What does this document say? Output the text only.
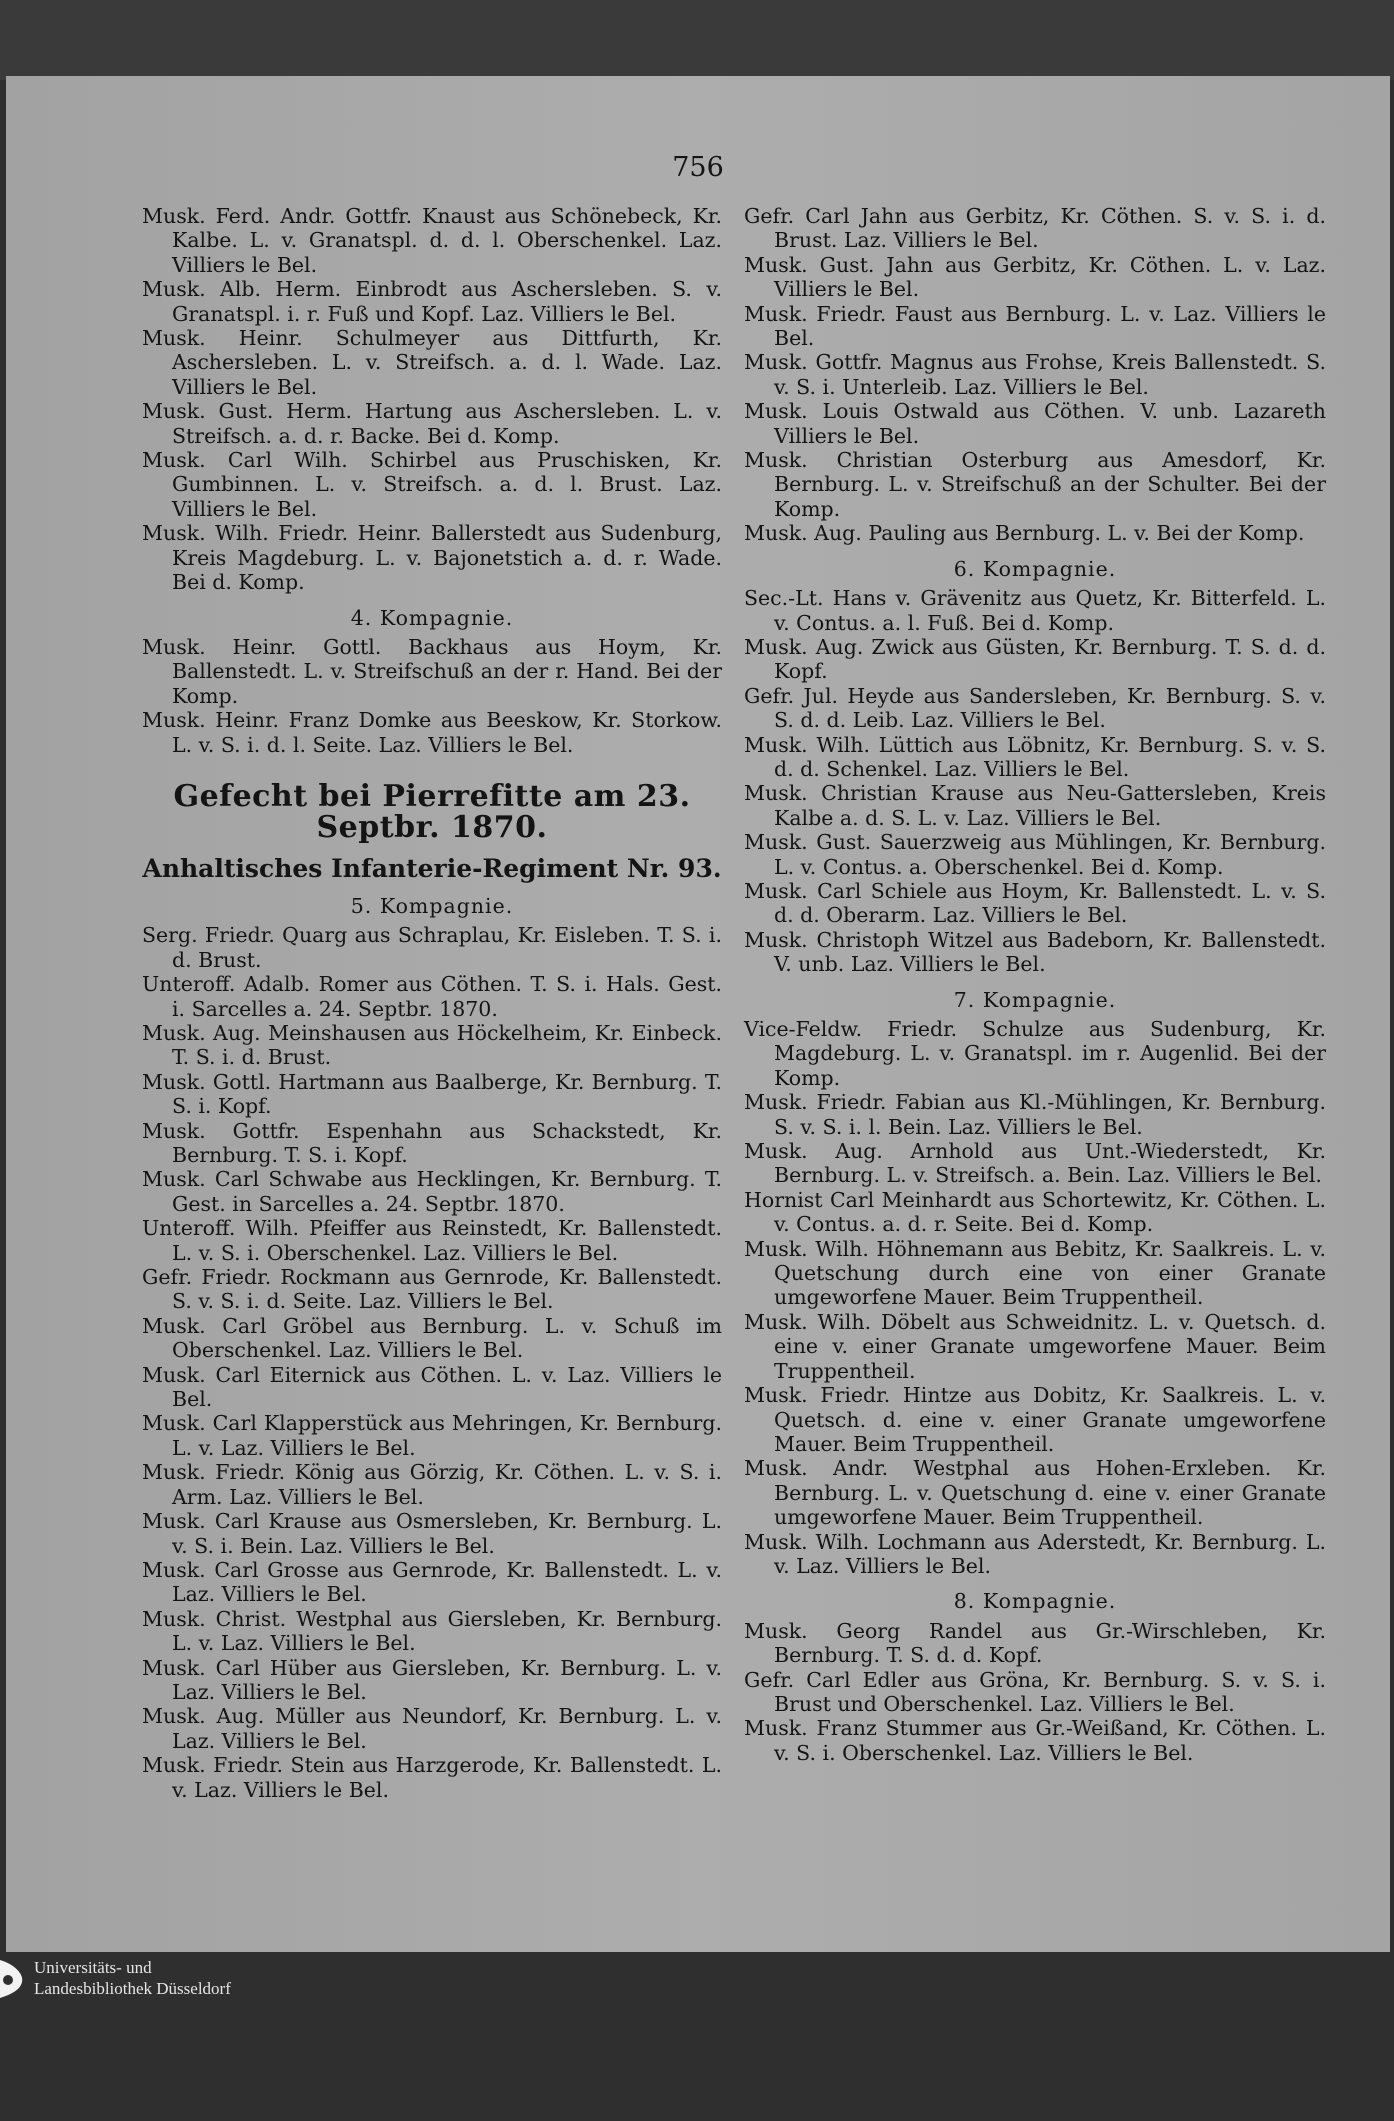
756
Musk. Ferd. Andr. Gottfr. Knaust aus Schönebeck, Kr. Kalbe. L. v. Granatspl. d. d. l. Oberschenkel. Laz. Villiers le Bel.
Musk. Alb. Herm. Einbrodt aus Aschersleben. S. v. Granatspl. i. r. Fuß und Kopf. Laz. Villiers le Bel.
Musk. Heinr. Schulmeyer aus Dittfurth, Kr. Aschersleben. L. v. Streifsch. a. d. l. Wade. Laz. Villiers le Bel.
Musk. Gust. Herm. Hartung aus Aschersleben. L. v. Streifsch. a. d. r. Backe. Bei d. Komp.
Musk. Carl Wilh. Schirbel aus Pruschisken, Kr. Gumbinnen. L. v. Streifsch. a. d. l. Brust. Laz. Villiers le Bel.
Musk. Wilh. Friedr. Heinr. Ballerstedt aus Sudenburg, Kreis Magdeburg. L. v. Bajonetstich a. d. r. Wade. Bei d. Komp.
4. Kompagnie.
Musk. Heinr. Gottl. Backhaus aus Hoym, Kr. Ballenstedt. L. v. Streifschuß an der r. Hand. Bei der Komp.
Musk. Heinr. Franz Domke aus Beeskow, Kr. Storkow. L. v. S. i. d. l. Seite. Laz. Villiers le Bel.
Gefecht bei Pierrefitte am 23. Septbr. 1870.
Anhaltisches Infanterie-Regiment Nr. 93.
5. Kompagnie.
Serg. Friedr. Quarg aus Schraplau, Kr. Eisleben. T. S. i. d. Brust.
Unteroff. Adalb. Romer aus Cöthen. T. S. i. Hals. Gest. i. Sarcelles a. 24. Septbr. 1870.
Musk. Aug. Meinshausen aus Höckelheim, Kr. Einbeck. T. S. i. d. Brust.
Musk. Gottl. Hartmann aus Baalberge, Kr. Bernburg. T. S. i. Kopf.
Musk. Gottfr. Espenhahn aus Schackstedt, Kr. Bernburg. T. S. i. Kopf.
Musk. Carl Schwabe aus Hecklingen, Kr. Bernburg. T. Gest. in Sarcelles a. 24. Septbr. 1870.
Unteroff. Wilh. Pfeiffer aus Reinstedt, Kr. Ballenstedt. L. v. S. i. Oberschenkel. Laz. Villiers le Bel.
Gefr. Friedr. Rockmann aus Gernrode, Kr. Ballenstedt. S. v. S. i. d. Seite. Laz. Villiers le Bel.
Musk. Carl Gröbel aus Bernburg. L. v. Schuß im Oberschenkel. Laz. Villiers le Bel.
Musk. Carl Eiternick aus Cöthen. L. v. Laz. Villiers le Bel.
Musk. Carl Klapperstück aus Mehringen, Kr. Bernburg. L. v. Laz. Villiers le Bel.
Musk. Friedr. König aus Görzig, Kr. Cöthen. L. v. S. i. Arm. Laz. Villiers le Bel.
Musk. Carl Krause aus Osmersleben, Kr. Bernburg. L. v. S. i. Bein. Laz. Villiers le Bel.
Musk. Carl Grosse aus Gernrode, Kr. Ballenstedt. L. v. Laz. Villiers le Bel.
Musk. Christ. Westphal aus Giersleben, Kr. Bernburg. L. v. Laz. Villiers le Bel.
Musk. Carl Hüber aus Giersleben, Kr. Bernburg. L. v. Laz. Villiers le Bel.
Musk. Aug. Müller aus Neundorf, Kr. Bernburg. L. v. Laz. Villiers le Bel.
Musk. Friedr. Stein aus Harzgerode, Kr. Ballenstedt. L. v. Laz. Villiers le Bel.
Gefr. Carl Jahn aus Gerbitz, Kr. Cöthen. S. v. S. i. d. Brust. Laz. Villiers le Bel.
Musk. Gust. Jahn aus Gerbitz, Kr. Cöthen. L. v. Laz. Villiers le Bel.
Musk. Friedr. Faust aus Bernburg. L. v. Laz. Villiers le Bel.
Musk. Gottfr. Magnus aus Frohse, Kreis Ballenstedt. S. v. S. i. Unterleib. Laz. Villiers le Bel.
Musk. Louis Ostwald aus Cöthen. V. unb. Lazareth Villiers le Bel.
Musk. Christian Osterburg aus Amesdorf, Kr. Bernburg. L. v. Streifschuß an der Schulter. Bei der Komp.
Musk. Aug. Pauling aus Bernburg. L. v. Bei der Komp.
6. Kompagnie.
Sec.-Lt. Hans v. Grävenitz aus Quetz, Kr. Bitterfeld. L. v. Contus. a. l. Fuß. Bei d. Komp.
Musk. Aug. Zwick aus Güsten, Kr. Bernburg. T. S. d. d. Kopf.
Gefr. Jul. Heyde aus Sandersleben, Kr. Bernburg. S. v. S. d. d. Leib. Laz. Villiers le Bel.
Musk. Wilh. Lüttich aus Löbnitz, Kr. Bernburg. S. v. S. d. d. Schenkel. Laz. Villiers le Bel.
Musk. Christian Krause aus Neu-Gattersleben, Kreis Kalbe a. d. S. L. v. Laz. Villiers le Bel.
Musk. Gust. Sauerzweig aus Mühlingen, Kr. Bernburg. L. v. Contus. a. Oberschenkel. Bei d. Komp.
Musk. Carl Schiele aus Hoym, Kr. Ballenstedt. L. v. S. d. d. Oberarm. Laz. Villiers le Bel.
Musk. Christoph Witzel aus Badeborn, Kr. Ballenstedt. V. unb. Laz. Villiers le Bel.
7. Kompagnie.
Vice-Feldw. Friedr. Schulze aus Sudenburg, Kr. Magdeburg. L. v. Granatspl. im r. Augenlid. Bei der Komp.
Musk. Friedr. Fabian aus Kl.-Mühlingen, Kr. Bernburg. S. v. S. i. l. Bein. Laz. Villiers le Bel.
Musk. Aug. Arnhold aus Unt.-Wiederstedt, Kr. Bernburg. L. v. Streifsch. a. Bein. Laz. Villiers le Bel.
Hornist Carl Meinhardt aus Schortewitz, Kr. Cöthen. L. v. Contus. a. d. r. Seite. Bei d. Komp.
Musk. Wilh. Höhnemann aus Bebitz, Kr. Saalkreis. L. v. Quetschung durch eine von einer Granate umgeworfene Mauer. Beim Truppentheil.
Musk. Wilh. Döbelt aus Schweidnitz. L. v. Quetsch. d. eine v. einer Granate umgeworfene Mauer. Beim Truppentheil.
Musk. Friedr. Hintze aus Dobitz, Kr. Saalkreis. L. v. Quetsch. d. eine v. einer Granate umgeworfene Mauer. Beim Truppentheil.
Musk. Andr. Westphal aus Hohen-Erxleben. Kr. Bernburg. L. v. Quetschung d. eine v. einer Granate umgeworfene Mauer. Beim Truppentheil.
Musk. Wilh. Lochmann aus Aderstedt, Kr. Bernburg. L. v. Laz. Villiers le Bel.
8. Kompagnie.
Musk. Georg Randel aus Gr.-Wirschleben, Kr. Bernburg. T. S. d. d. Kopf.
Gefr. Carl Edler aus Gröna, Kr. Bernburg. S. v. S. i. Brust und Oberschenkel. Laz. Villiers le Bel.
Musk. Franz Stummer aus Gr.-Weißand, Kr. Cöthen. L. v. S. i. Oberschenkel. Laz. Villiers le Bel.
Universitäts- und
Landesbibliothek Düsseldorf
